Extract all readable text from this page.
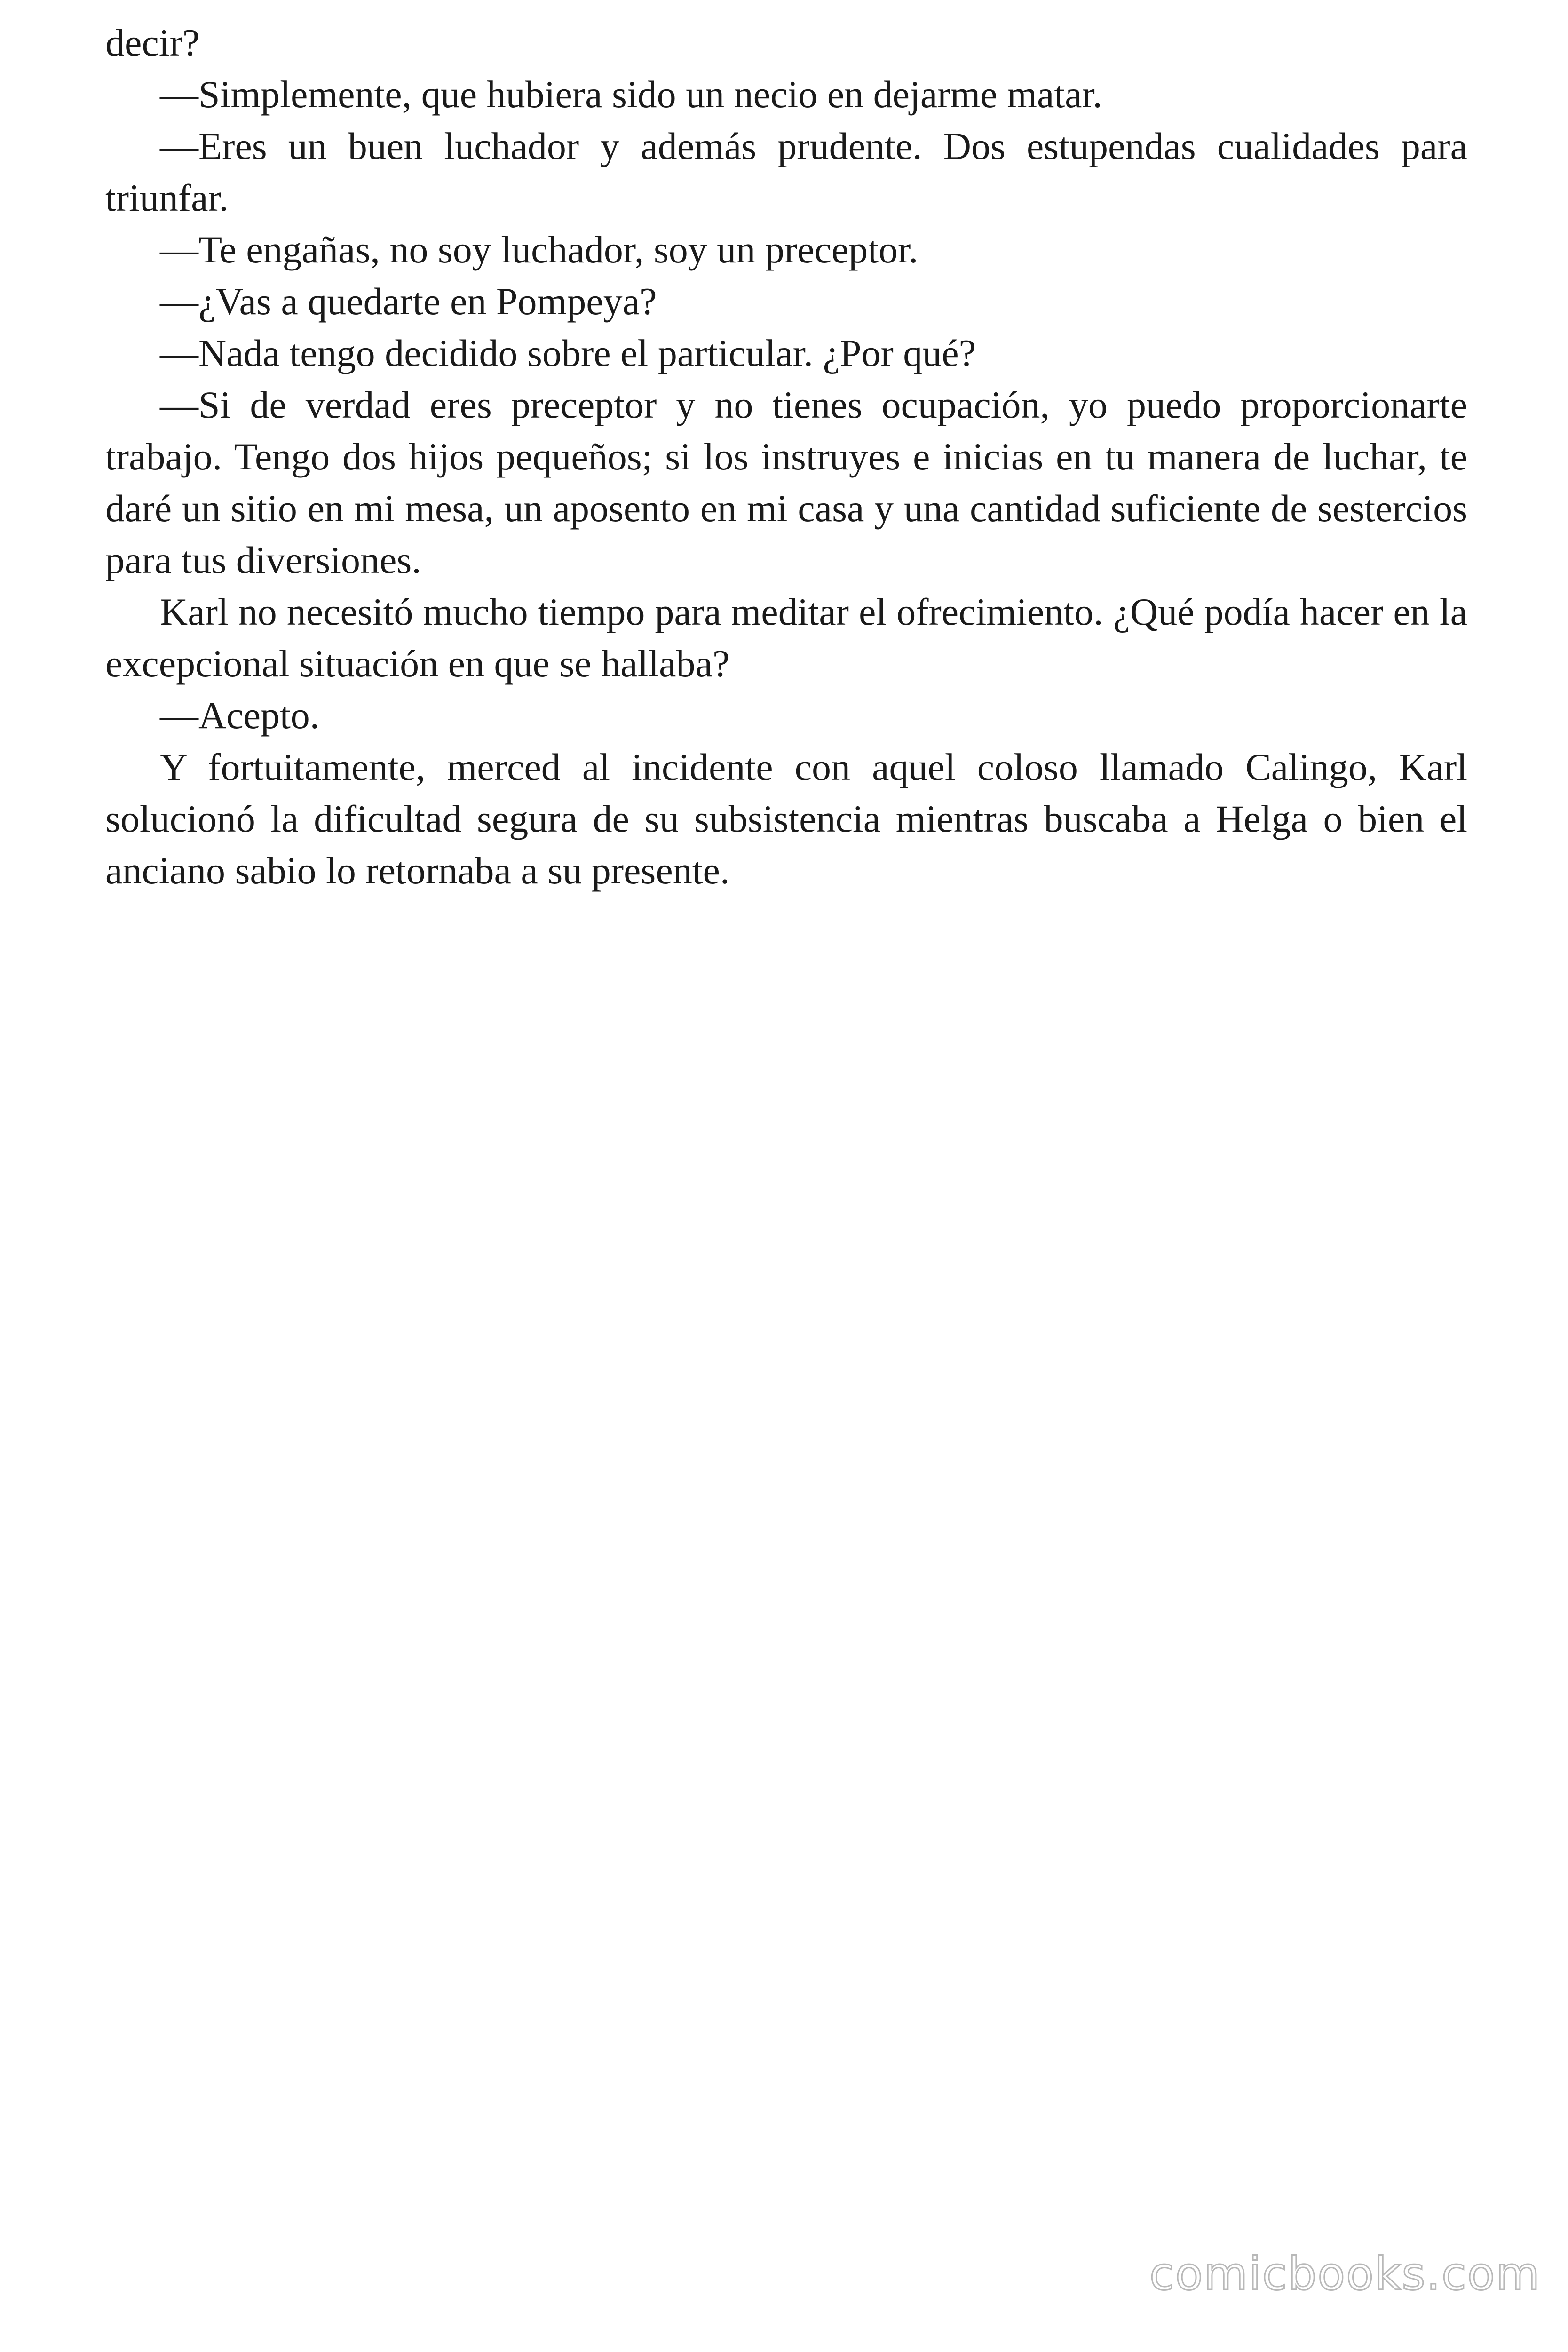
decir?

—Simplemente, que hubiera sido un necio en dejarme matar.

—Eres un buen luchador y además prudente. Dos estupendas cualidades para triunfar.

—Te engañas, no soy luchador, soy un preceptor.

—¿Vas a quedarte en Pompeya?

—Nada tengo decidido sobre el particular. ¿Por qué?

—Si de verdad eres preceptor y no tienes ocupación, yo puedo proporcionarte trabajo. Tengo dos hijos pequeños; si los instruyes e inicias en tu manera de luchar, te daré un sitio en mi mesa, un aposento en mi casa y una cantidad suficiente de sestercios para tus diversiones.

Karl no necesitó mucho tiempo para meditar el ofrecimiento. ¿Qué podía hacer en la excepcional situación en que se hallaba?

—Acepto.

Y fortuitamente, merced al incidente con aquel coloso llamado Calingo, Karl solucionó la dificultad segura de su subsistencia mientras buscaba a Helga o bien el anciano sabio lo retornaba a su presente.

comicbooks.com
